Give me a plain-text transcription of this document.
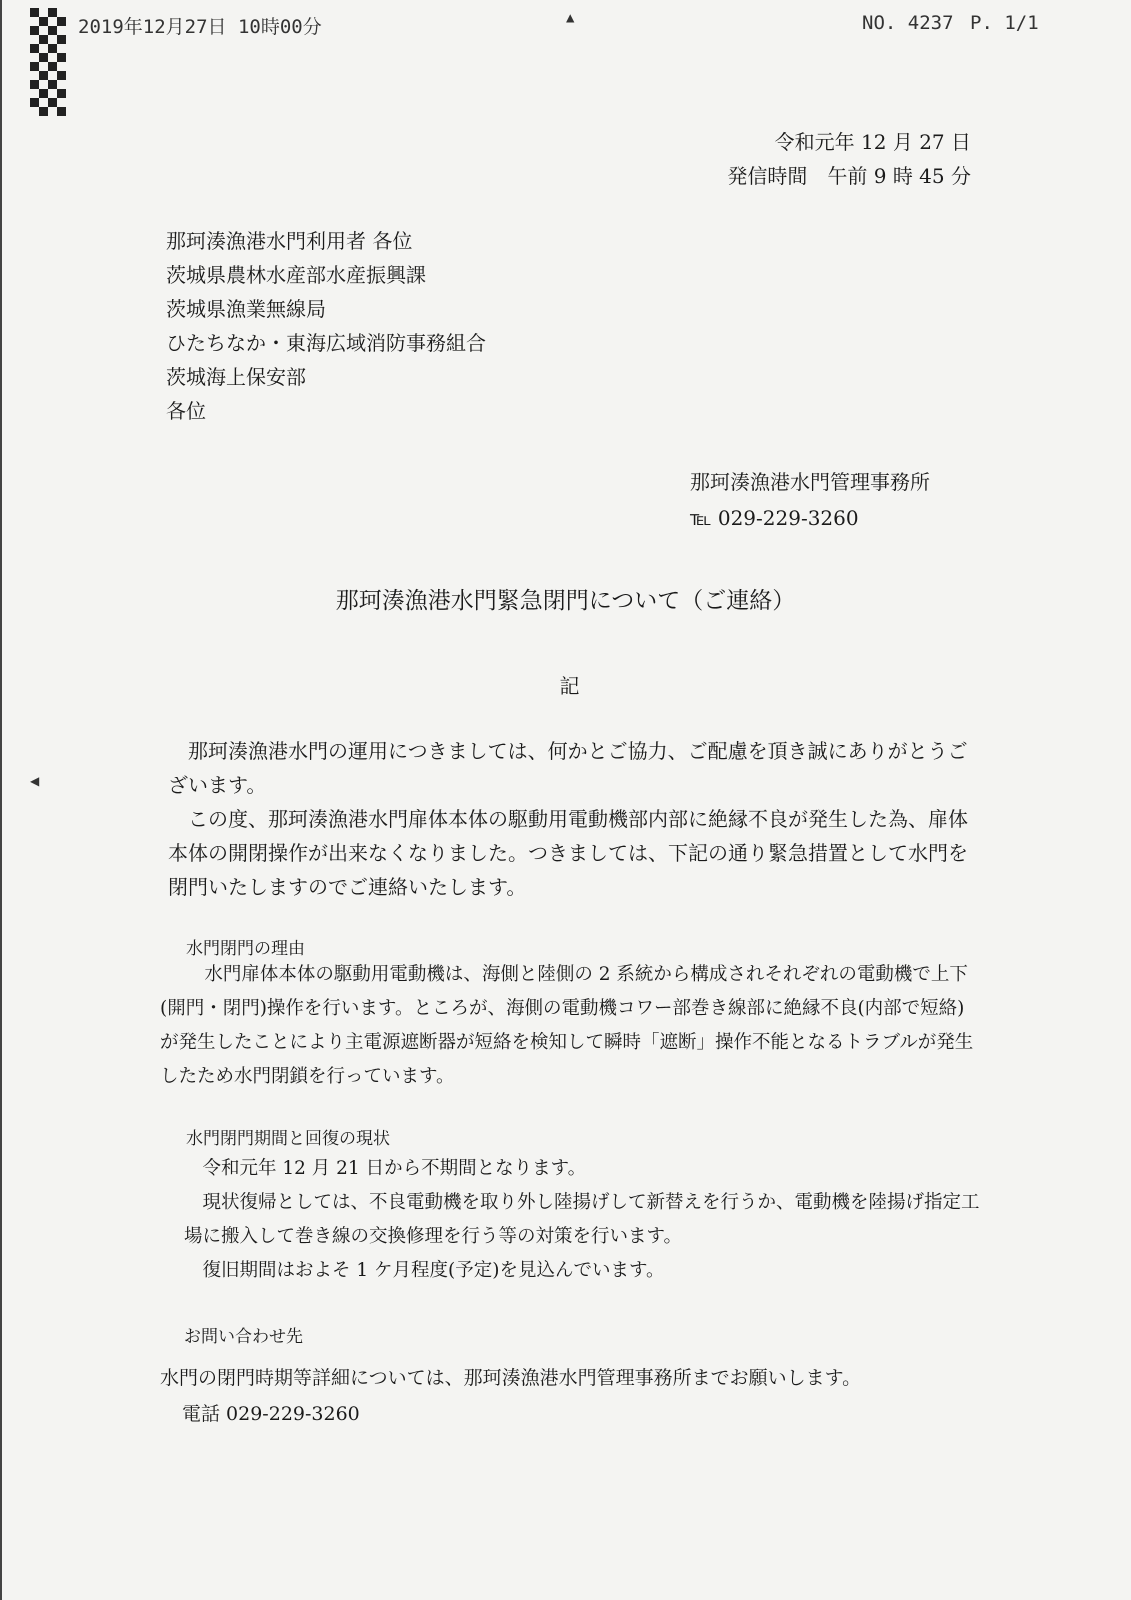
2019年12月27日 10時00分	▲	NO. 4237 P. 1/1
令和元年 12 月 27 日
発信時間　午前 9 時 45 分
那珂湊漁港水門利用者 各位
茨城県農林水産部水産振興課
茨城県漁業無線局
ひたちなか・東海広域消防事務組合
茨城海上保安部
各位
那珂湊漁港水門管理事務所
℡ 029-229-3260
那珂湊漁港水門緊急閉門について（ご連絡）
記

那珂湊漁港水門の運用につきましては、何かとご協力、ご配慮を頂き誠にありがとうございます。

この度、那珂湊漁港水門扉体本体の駆動用電動機部内部に絶縁不良が発生した為、扉体本体の開閉操作が出来なくなりました。つきましては、下記の通り緊急措置として水門を閉門いたしますのでご連絡いたします。

◀
水門閉門の理由

水門扉体本体の駆動用電動機は、海側と陸側の 2 系統から構成されそれぞれの電動機で上下(開門・閉門)操作を行います。ところが、海側の電動機コワー部巻き線部に絶縁不良(内部で短絡)が発生したことにより主電源遮断器が短絡を検知して瞬時「遮断」操作不能となるトラブルが発生したため水門閉鎖を行っています。

水門閉門期間と回復の現状

令和元年 12 月 21 日から不期間となります。

現状復帰としては、不良電動機を取り外し陸揚げして新替えを行うか、電動機を陸揚げ指定工場に搬入して巻き線の交換修理を行う等の対策を行います。

復旧期間はおよそ 1 ケ月程度(予定)を見込んでいます。

お問い合わせ先

水門の閉門時期等詳細については、那珂湊漁港水門管理事務所までお願いします。

電話 029-229-3260
